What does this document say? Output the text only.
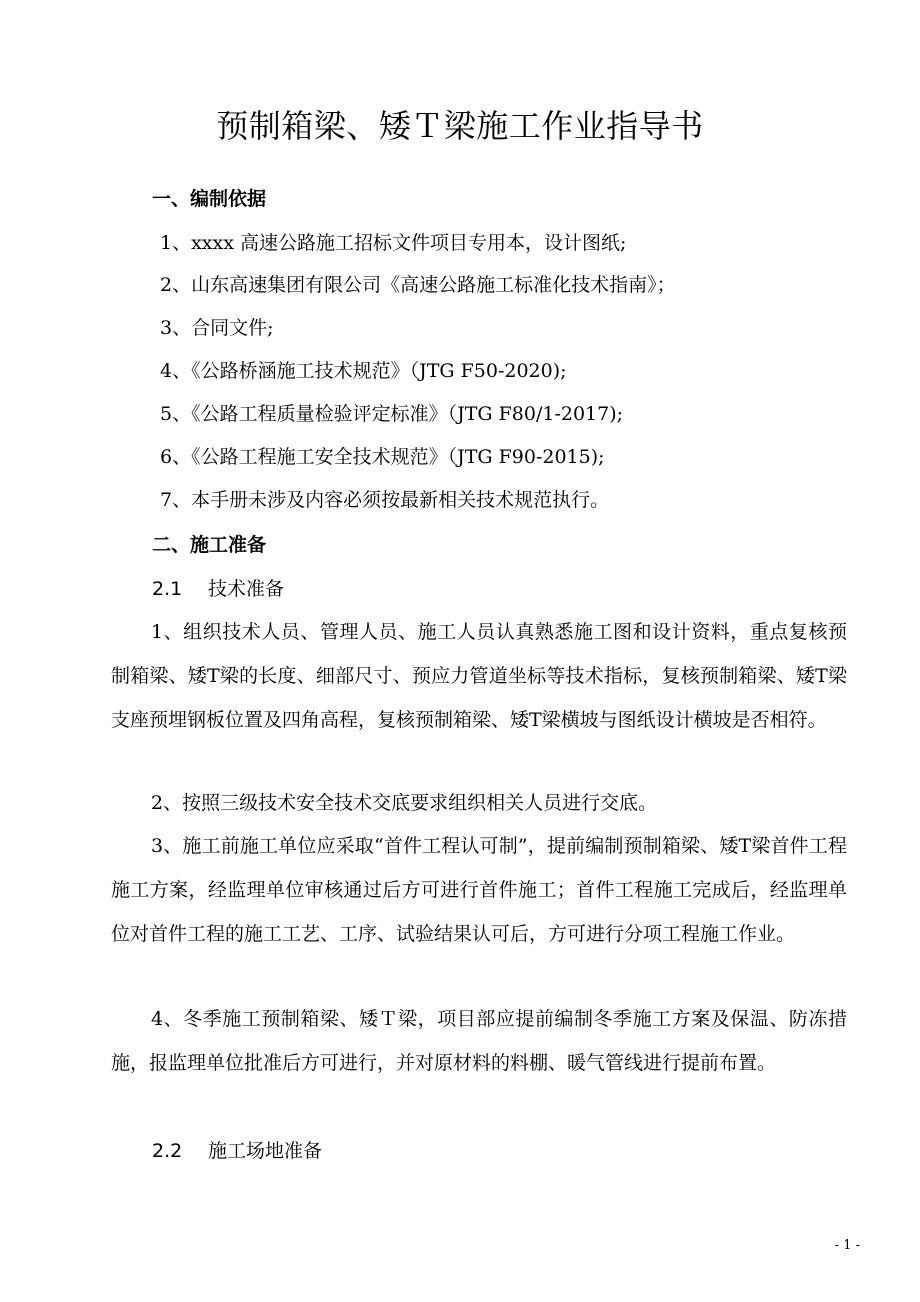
预制箱梁、矮Ｔ梁施工作业指导书
一、编制依据
1、xxxx 高速公路施工招标文件项目专用本，设计图纸;
2、山东高速集团有限公司《高速公路施工标准化技术指南》；
3、合同文件;
4、《公路桥涵施工技术规范》（JTG F50-2020);
5、《公路工程质量检验评定标准》（JTG F80/1-2017);
6、《公路工程施工安全技术规范》（JTG F90-2015);
7、本手册未涉及内容必须按最新相关技术规范执行。
二、施工准备
2.1 技术准备
1、组织技术人员、管理人员、施工人员认真熟悉施工图和设计资料，重点复核预制箱梁、矮T梁的长度、细部尺寸、预应力管道坐标等技术指标，复核预制箱梁、矮T梁支座预埋钢板位置及四角高程，复核预制箱梁、矮T梁横坡与图纸设计横坡是否相符。
2、按照三级技术安全技术交底要求组织相关人员进行交底。
3、施工前施工单位应采取“首件工程认可制”，提前编制预制箱梁、矮T梁首件工程施工方案，经监理单位审核通过后方可进行首件施工；首件工程施工完成后，经监理单位对首件工程的施工工艺、工序、试验结果认可后，方可进行分项工程施工作业。
4、冬季施工预制箱梁、矮Ｔ梁，项目部应提前编制冬季施工方案及保温、防冻措施，报监理单位批准后方可进行，并对原材料的料棚、暖气管线进行提前布置。
2.2 施工场地准备
- 1 -
